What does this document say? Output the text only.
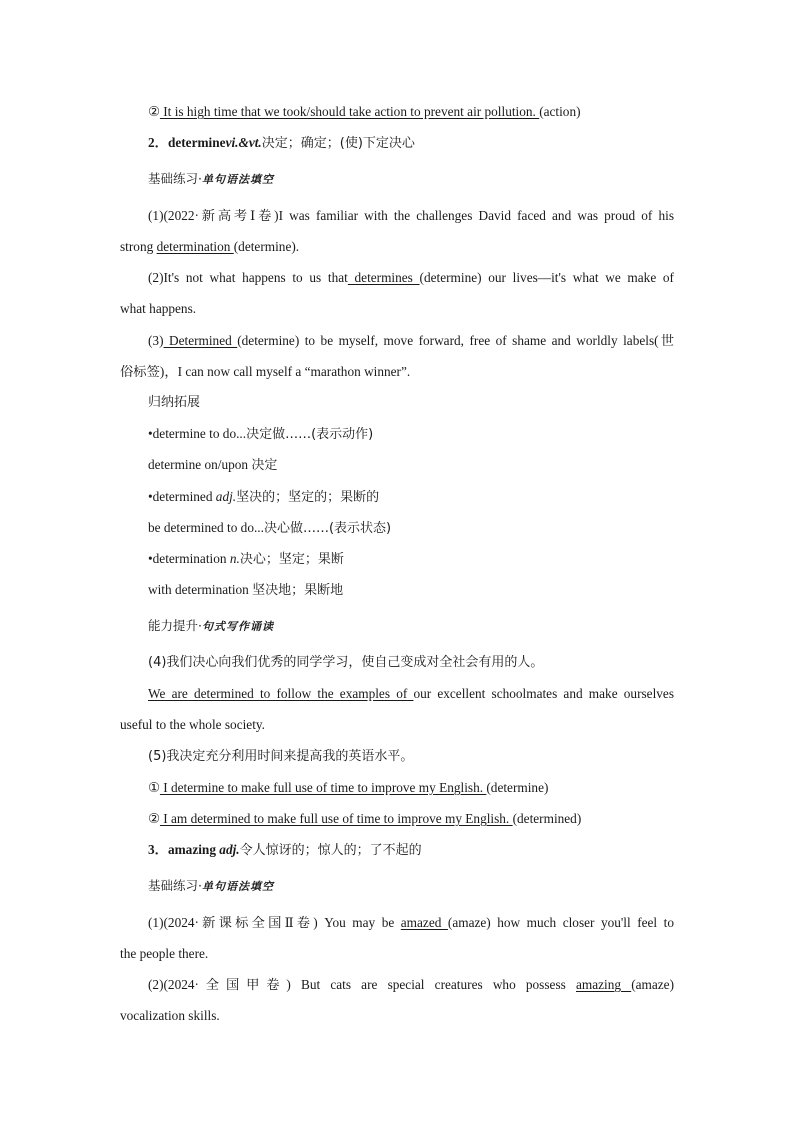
② It is high time that we took/should take action to prevent air pollution. (action)
2．determinevi.&vt.决定；确定；(使)下定决心
基础练习·单句语法填空
(1)(2022·新高考Ⅰ卷)I was familiar with the challenges David faced and was proud of his
strong determination (determine).
(2)It's not what happens to us that determines (determine) our lives—it's what we make of
what happens.
(3) Determined (determine) to be myself, move forward, free of shame and worldly labels(世
俗标签)，I can now call myself a “marathon winner”.
归纳拓展
•determine to do...决定做……(表示动作)
determine on/upon 决定
•determined adj.坚决的；坚定的；果断的
be determined to do...决心做……(表示状态)
•determination n.决心；坚定；果断
with determination 坚决地；果断地
能力提升·句式写作诵读
(4)我们决心向我们优秀的同学学习，使自己变成对全社会有用的人。
We are determined to follow the examples of our excellent schoolmates and make ourselves
useful to the whole society.
(5)我决定充分利用时间来提高我的英语水平。
① I determine to make full use of time to improve my English. (determine)
② I am determined to make full use of time to improve my English. (determined)
3．amazing adj.令人惊讶的；惊人的；了不起的
基础练习·单句语法填空
(1)(2024·新课标全国Ⅱ卷) You may be amazed (amaze) how much closer you'll feel to
the people there.
(2)(2024·全国甲卷) But cats are special creatures who possess amazing (amaze)
vocalization skills.
